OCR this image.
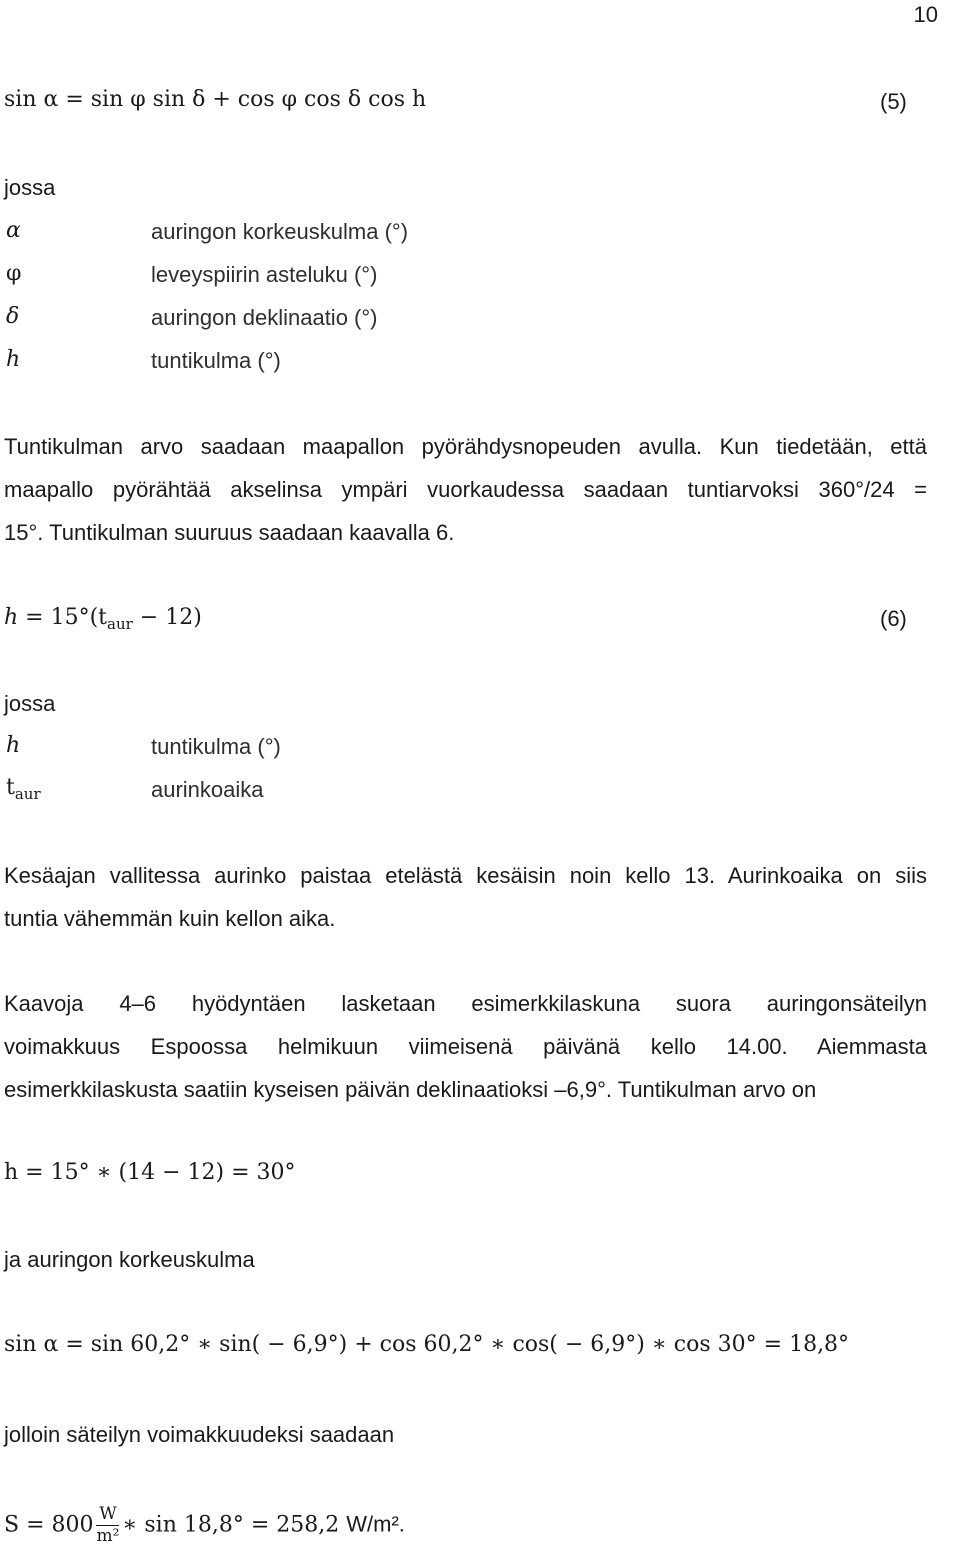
10
sin α = sin φ sin δ + cos φ cos δ cos h	(5)
jossa
α	auringon korkeuskulma (°)
φ	leveyspiirin asteluku (°)
δ	auringon deklinaatio (°)
h	tuntikulma (°)
Tuntikulman arvo saadaan maapallon pyörähdysnopeuden avulla. Kun tiedetään, että
maapallo pyörähtää akselinsa ympäri vuorkaudessa saadaan tuntiarvoksi 360°/24 =
15°. Tuntikulman suuruus saadaan kaavalla 6.
$h = 15^\circ(t_{aur} - 12)$	(6)
jossa
h	tuntikulma (°)
$t_{aur}$	aurinkoaika
Kesäajan vallitessa aurinko paistaa etelästä kesäisin noin kello 13. Aurinkoaika on siis
tuntia vähemmän kuin kellon aika.
Kaavoja 4–6 hyödyntäen lasketaan esimerkkilaskuna suora auringonsäteilyn
voimakkuus Espoossa helmikuun viimeisenä päivänä kello 14.00. Aiemmasta
esimerkkilaskusta saatiin kyseisen päivän deklinaatioksi –6,9°. Tuntikulman arvo on
h = 15° ∗ (14 − 12) = 30°
ja auringon korkeuskulma
sin α = sin 60,2° ∗ sin( − 6,9°) + cos 60,2° ∗ cos( − 6,9°) ∗ cos 30° = 18,8°
jolloin säteilyn voimakkuudeksi saadaan
$S = 800 \frac{W}{\text{m²}}$ ∗ sin 18,8° = 258,2 W/m².
